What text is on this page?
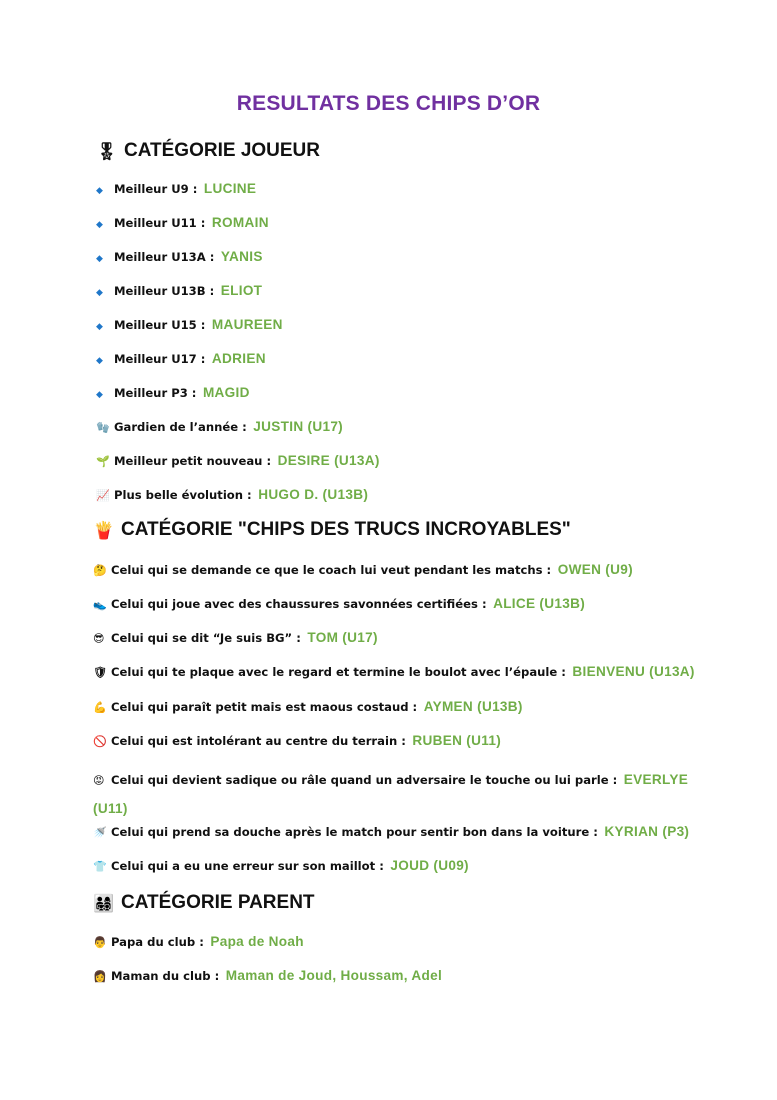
RESULTATS DES CHIPS D’OR
🎖 CATÉGORIE JOUEUR
◆ Meilleur U9 : LUCINE
◆ Meilleur U11 : ROMAIN
◆ Meilleur U13A : YANIS
◆ Meilleur U13B : ELIOT
◆ Meilleur U15 : MAUREEN
◆ Meilleur U17 : ADRIEN
◆ Meilleur P3 : MAGID
🧤 Gardien de l’année : JUSTIN (U17)
🌱 Meilleur petit nouveau : DESIRE (U13A)
📈 Plus belle évolution : HUGO D. (U13B)
🍟 CATÉGORIE "CHIPS DES TRUCS INCROYABLES"
🤔 Celui qui se demande ce que le coach lui veut pendant les matchs : OWEN (U9)
👟 Celui qui joue avec des chaussures savonnées certifiées : ALICE (U13B)
😎 Celui qui se dit “Je suis BG” : TOM (U17)
🛡 Celui qui te plaque avec le regard et termine le boulot avec l’épaule : BIENVENU (U13A)
💪 Celui qui paraît petit mais est maous costaud : AYMEN (U13B)
🚫 Celui qui est intolérant au centre du terrain : RUBEN (U11)
😡 Celui qui devient sadique ou râle quand un adversaire le touche ou lui parle : EVERLYE (U11)
🚿 Celui qui prend sa douche après le match pour sentir bon dans la voiture : KYRIAN (P3)
👕 Celui qui a eu une erreur sur son maillot : JOUD (U09)
👨‍👩‍👧‍👦 CATÉGORIE PARENT
👨 Papa du club : Papa de Noah
👩 Maman du club : Maman de Joud, Houssam, Adel
